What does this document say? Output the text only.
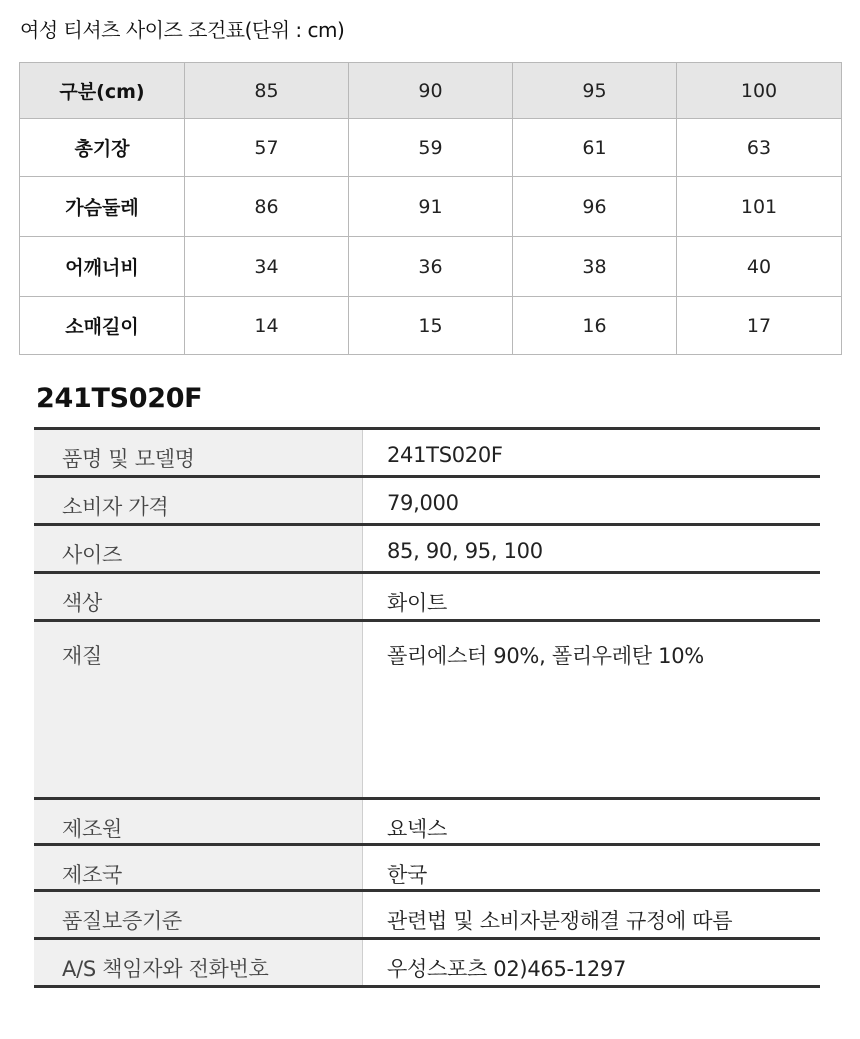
여성 티셔츠 사이즈 조건표(단위 : cm)
구분(cm)	85	90	95	100
총기장	57	59	61	63
가슴둘레	86	91	96	101
어깨너비	34	36	38	40
소매길이	14	15	16	17
241TS020F
품명 및 모델명	241TS020F
소비자 가격	79,000
사이즈	85, 90, 95, 100
색상	화이트
재질	폴리에스터 90%, 폴리우레탄 10%
제조원	요넥스
제조국	한국
품질보증기준	관련법 및 소비자분쟁해결 규정에 따름
A/S 책임자와 전화번호	우성스포츠 02)465-1297
